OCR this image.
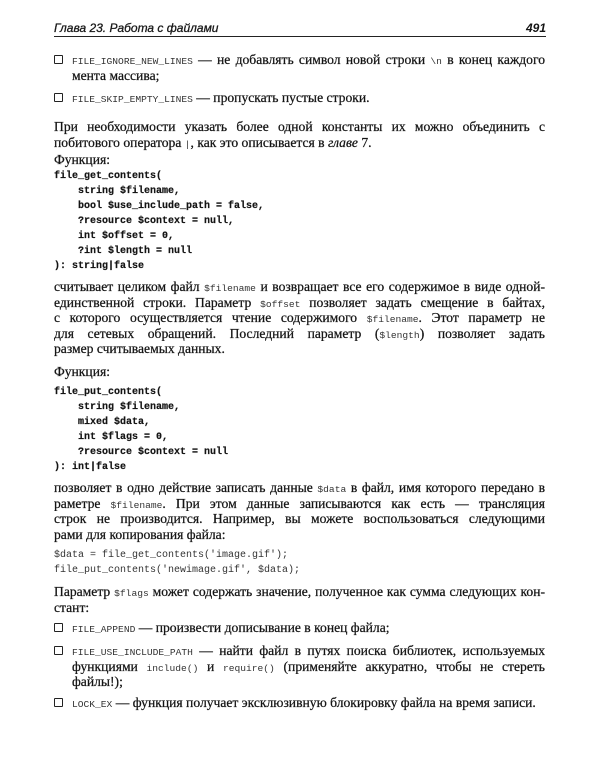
Глава 23. Работа с файлами	491
FILE_IGNORE_NEW_LINES — не добавлять символ новой строки \n в конец каждого
мента массива;
FILE_SKIP_EMPTY_LINES — пропускать пустые строки.
При необходимости указать более одной константы их можно объединить с
побитового оператора |, как это описывается в главе 7.
Функция:
file_get_contents(
string $filename,
bool $use_include_path = false,
?resource $context = null,
int $offset = 0,
?int $length = null
): string|false
считывает целиком файл $filename и возвращает все его содержимое в виде одной-
единственной строки. Параметр $offset позволяет задать смещение в байтах,
с которого осуществляется чтение содержимого $filename. Этот параметр не
для сетевых обращений. Последний параметр ($length) позволяет задать
размер считываемых данных.
Функция:
file_put_contents(
string $filename,
mixed $data,
int $flags = 0,
?resource $context = null
): int|false
позволяет в одно действие записать данные $data в файл, имя которого передано в
раметре $filename. При этом данные записываются как есть — трансляция
строк не производится. Например, вы можете воспользоваться следующими
рами для копирования файла:
$data = file_get_contents('image.gif');
file_put_contents('newimage.gif', $data);
Параметр $flags может содержать значение, полученное как сумма следующих кон-
стант:
FILE_APPEND — произвести дописывание в конец файла;
FILE_USE_INCLUDE_PATH — найти файл в путях поиска библиотек, используемых
функциями include() и require() (применяйте аккуратно, чтобы не стереть
файлы!);
LOCK_EX — функция получает эксклюзивную блокировку файла на время записи.
